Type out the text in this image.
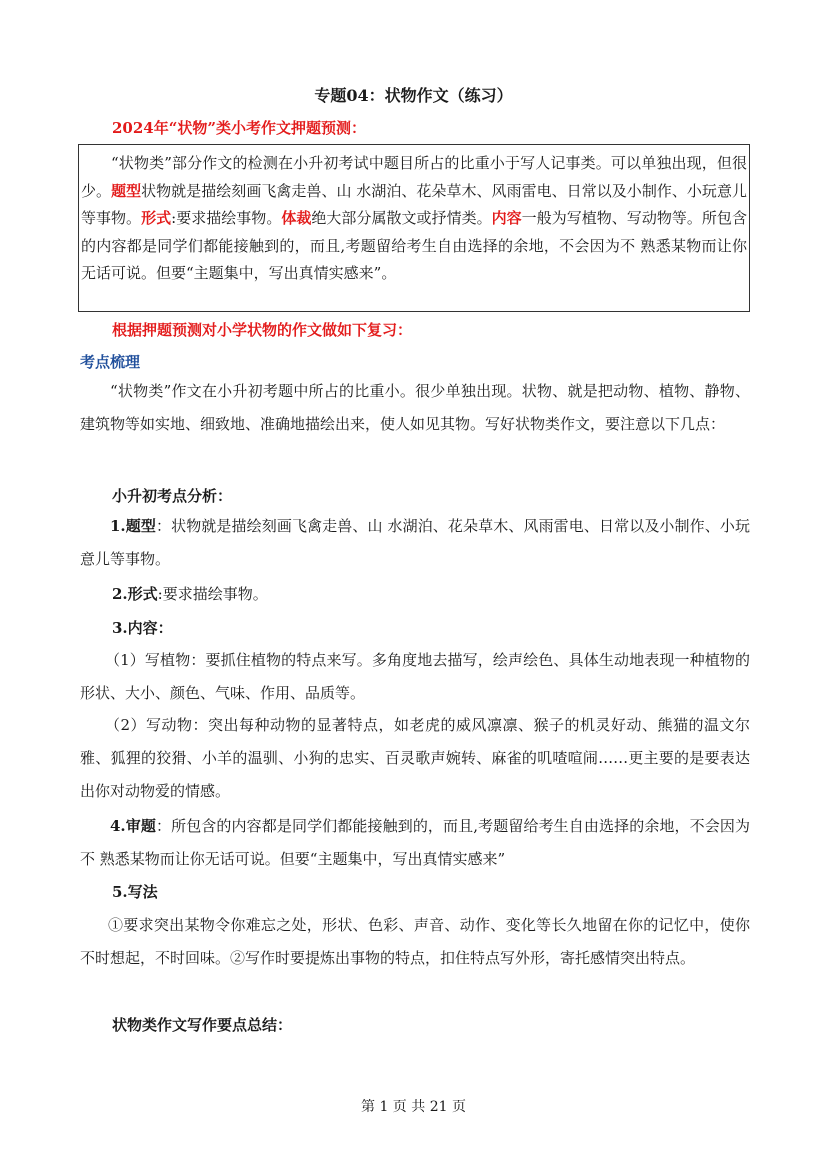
专题04：状物作文（练习）
2024年“状物”类小考作文押题预测：

“状物类”部分作文的检测在小升初考试中题目所占的比重小于写人记事类。可以单独出现，但很少。题型状物就是描绘刻画飞禽走兽、山 水湖泊、花朵草木、风雨雷电、日常以及小制作、小玩意儿等事物。形式:要求描绘事物。体裁绝大部分属散文或抒情类。内容一般为写植物、写动物等。所包含的内容都是同学们都能接触到的，而且,考题留给考生自由选择的余地，不会因为不 熟悉某物而让你无话可说。但要“主题集中，写出真情实感来”。

根据押题预测对小学状物的作文做如下复习：
考点梳理
“状物类”作文在小升初考题中所占的比重小。很少单独出现。状物、就是把动物、植物、静物、建筑物等如实地、细致地、准确地描绘出来，使人如见其物。写好状物类作文，要注意以下几点：
小升初考点分析：
1.题型：状物就是描绘刻画飞禽走兽、山 水湖泊、花朵草木、风雨雷电、日常以及小制作、小玩意儿等事物。
2.形式:要求描绘事物。
3.内容：
（1）写植物：要抓住植物的特点来写。多角度地去描写，绘声绘色、具体生动地表现一种植物的形状、大小、颜色、气味、作用、品质等。
（2）写动物：突出每种动物的显著特点，如老虎的威风凛凛、猴子的机灵好动、熊猫的温文尔雅、狐狸的狡猾、小羊的温驯、小狗的忠实、百灵歌声婉转、麻雀的叽喳喧闹……更主要的是要表达出你对动物爱的情感。
4.审题：所包含的内容都是同学们都能接触到的，而且,考题留给考生自由选择的余地，不会因为不 熟悉某物而让你无话可说。但要“主题集中，写出真情实感来”
5.写法
①要求突出某物令你难忘之处，形状、色彩、声音、动作、变化等长久地留在你的记忆中，使你不时想起，不时回味。②写作时要提炼出事物的特点，扣住特点写外形，寄托感情突出特点。
状物类作文写作要点总结：
第 1 页 共 21 页
